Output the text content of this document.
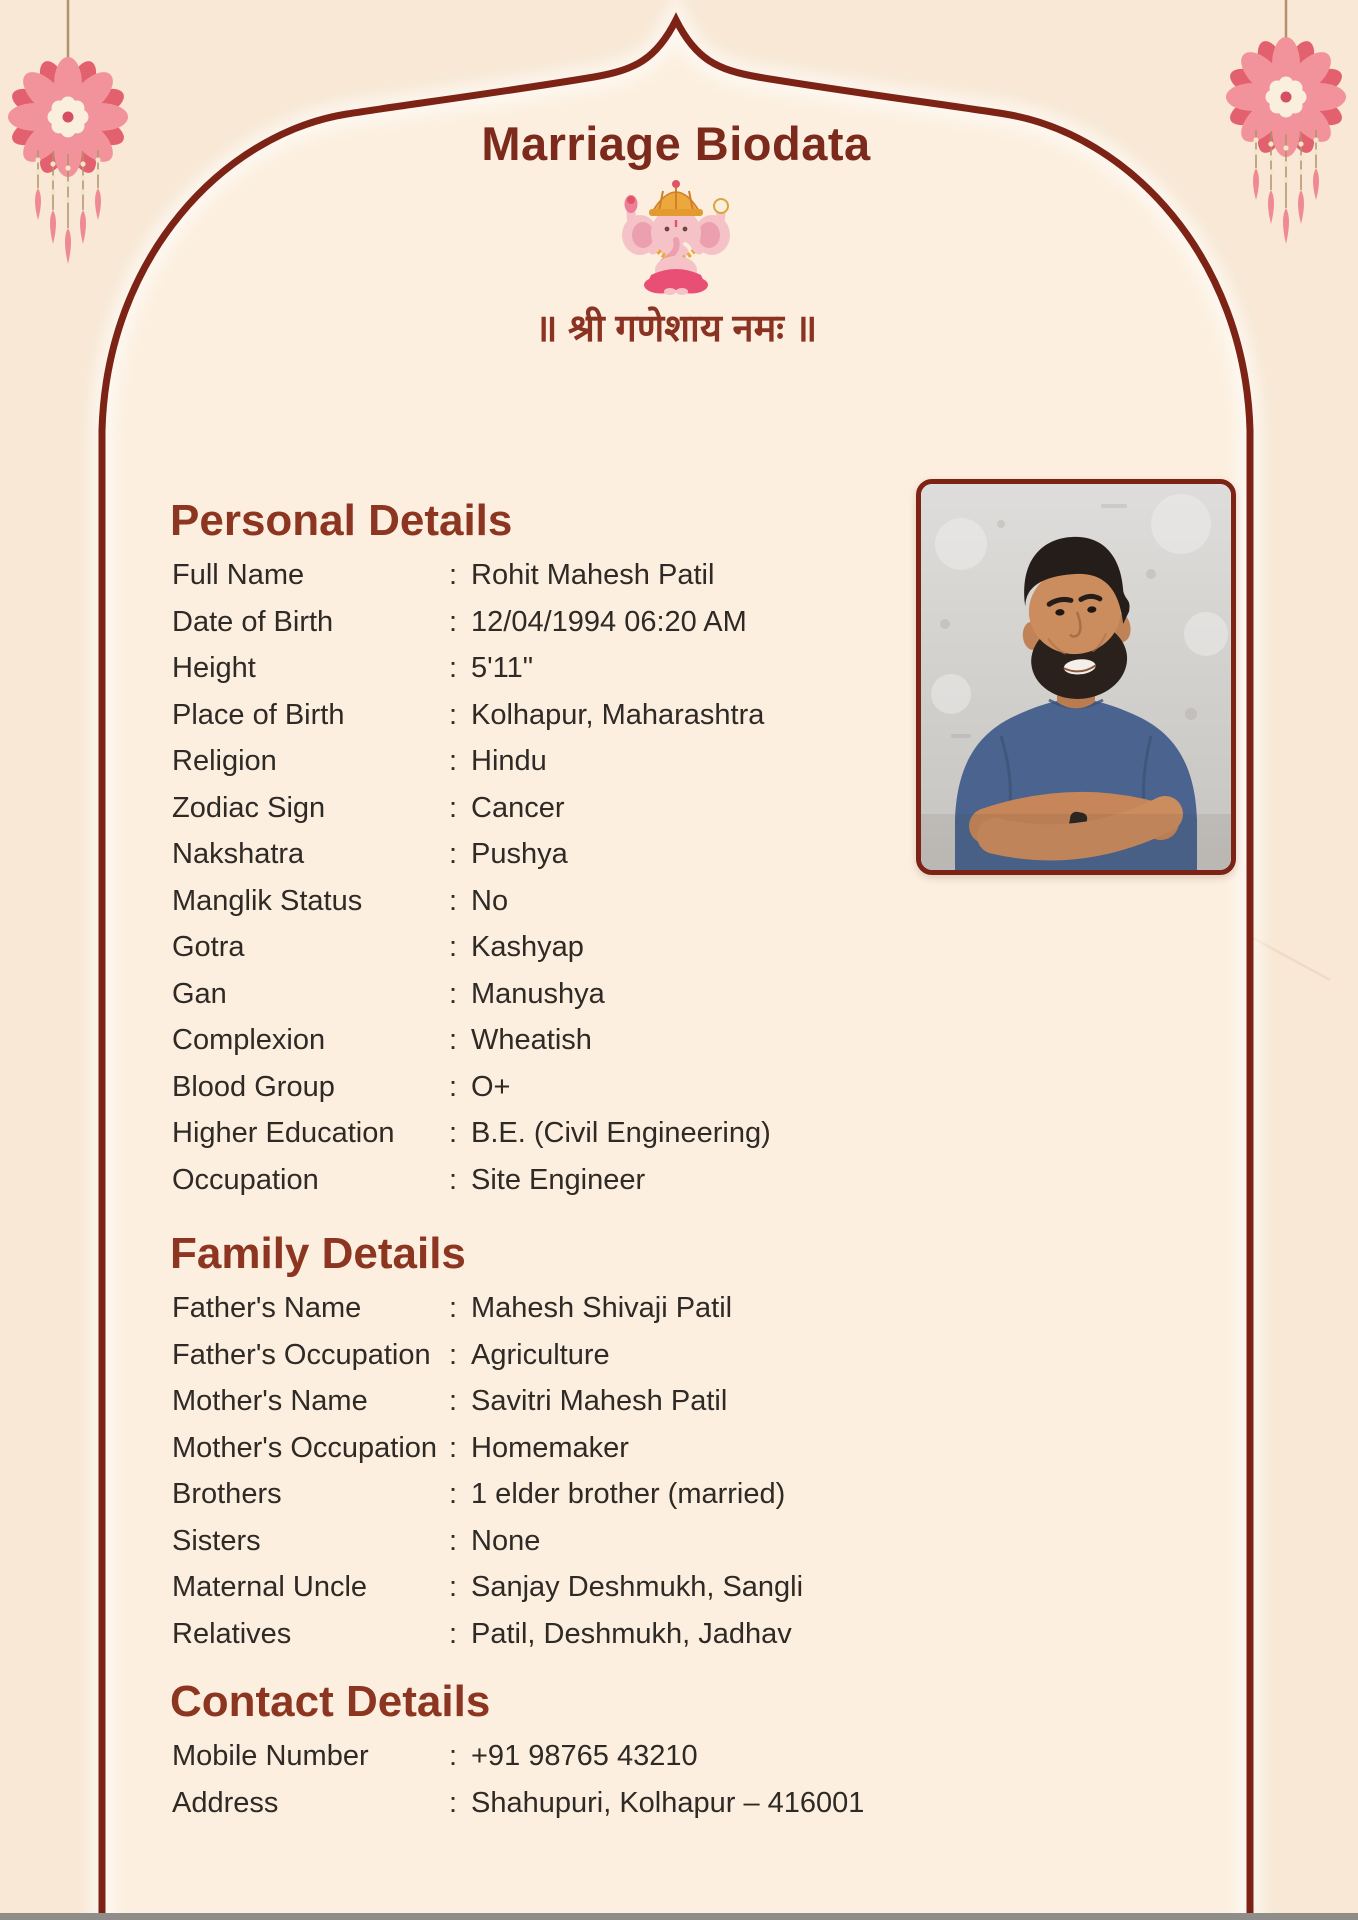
Marriage Biodata
॥ श्री गणेशाय नमः ॥
Personal Details
Full Name	: Rohit Mahesh Patil
Date of Birth	: 12/04/1994 06:20 AM
Height	: 5'11"
Place of Birth	: Kolhapur, Maharashtra
Religion	: Hindu
Zodiac Sign	: Cancer
Nakshatra	: Pushya
Manglik Status	: No
Gotra	: Kashyap
Gan	: Manushya
Complexion	: Wheatish
Blood Group	: O+
Higher Education	: B.E. (Civil Engineering)
Occupation	: Site Engineer
Family Details
Father's Name	: Mahesh Shivaji Patil
Father's Occupation : Agriculture
Mother's Name	: Savitri Mahesh Patil
Mother's Occupation : Homemaker
Brothers	: 1 elder brother (married)
Sisters	: None
Maternal Uncle	: Sanjay Deshmukh, Sangli
Relatives	: Patil, Deshmukh, Jadhav
Contact Details
Mobile Number	: +91 98765 43210
Address	: Shahupuri, Kolhapur – 416001
